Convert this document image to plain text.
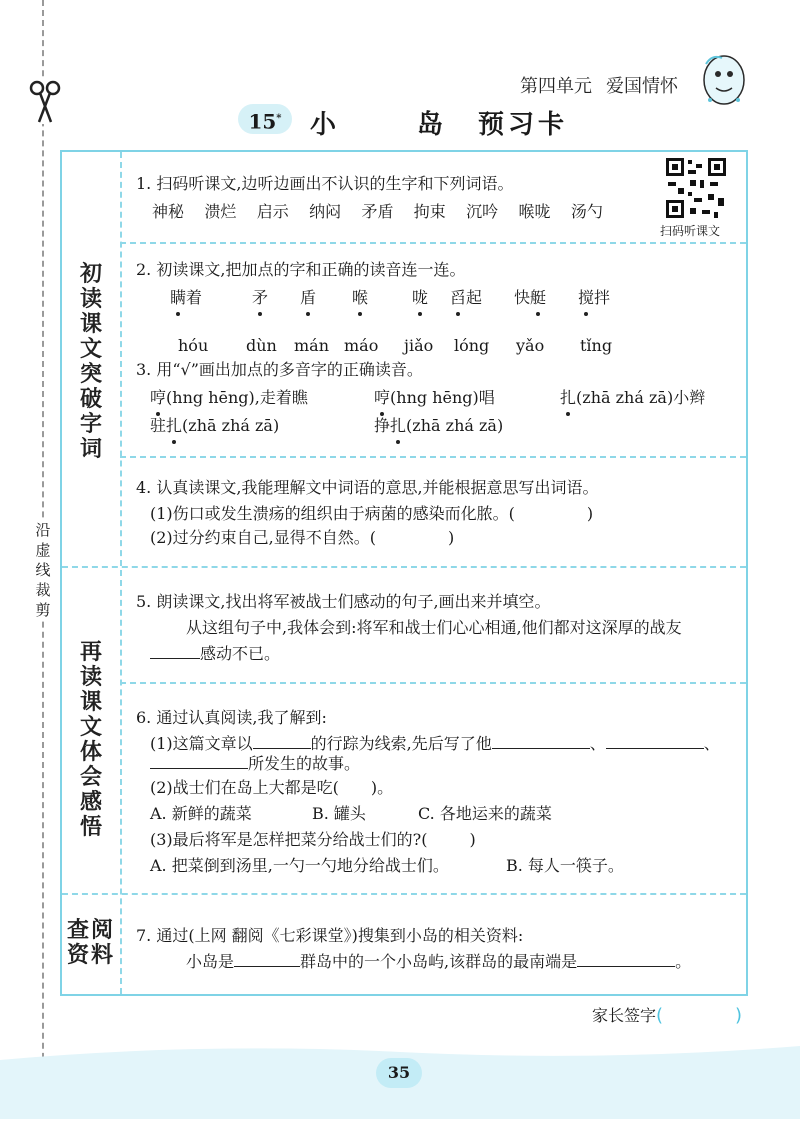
沿虚线裁剪
第四单元 爱国情怀
15*	小 岛
预习卡
初读课文 突破字词
再读课文 体会感悟
查阅资料
扫码听课文
1. 扫码听课文,边听边画出不认识的生字和下列词语。
神秘 溃烂 启示 纳闷 矛盾 拘束 沉吟 喉咙 汤勺
2. 初读课文,把加点的字和正确的读音连一连。
瞒着	矛 盾 喉	咙 舀起 快艇 搅拌
hóu dùn mán máo jiǎo lóng yǎo tǐng
3. 用“√”画出加点的多音字的正确读音。
哼(hng hēng),走着瞧	哼(hng hēng)唱	扎(zhā zhá zā)小辫
驻扎(zhā zhá zā)	挣扎(zhā zhá zā)
4. 认真读课文,我能理解文中词语的意思,并能根据意思写出词语。
(1)伤口或发生溃疡的组织由于病菌的感染而化脓。(	)
(2)过分约束自己,显得不自然。(	)
5. 朗读课文,找出将军被战士们感动的句子,画出来并填空。
从这组句子中,我体会到:将军和战士们心心相通,他们都对这深厚的战友
感动不已。
6. 通过认真阅读,我了解到:
(1)这篇文章以	的行踪为线索,先后写了他	、	、
所发生的故事。
(2)战士们在岛上大都是吃( )。
A. 新鲜的蔬菜	B. 罐头	C. 各地运来的蔬菜
(3)最后将军是怎样把菜分给战士们的?(	)
A. 把菜倒到汤里,一勺一勺地分给战士们。	B. 每人一筷子。
7. 通过(上网 翻阅《七彩课堂》)搜集到小岛的相关资料:
小岛是	群岛中的一个小岛屿,该群岛的最南端是	。
家长签字(	)
35
